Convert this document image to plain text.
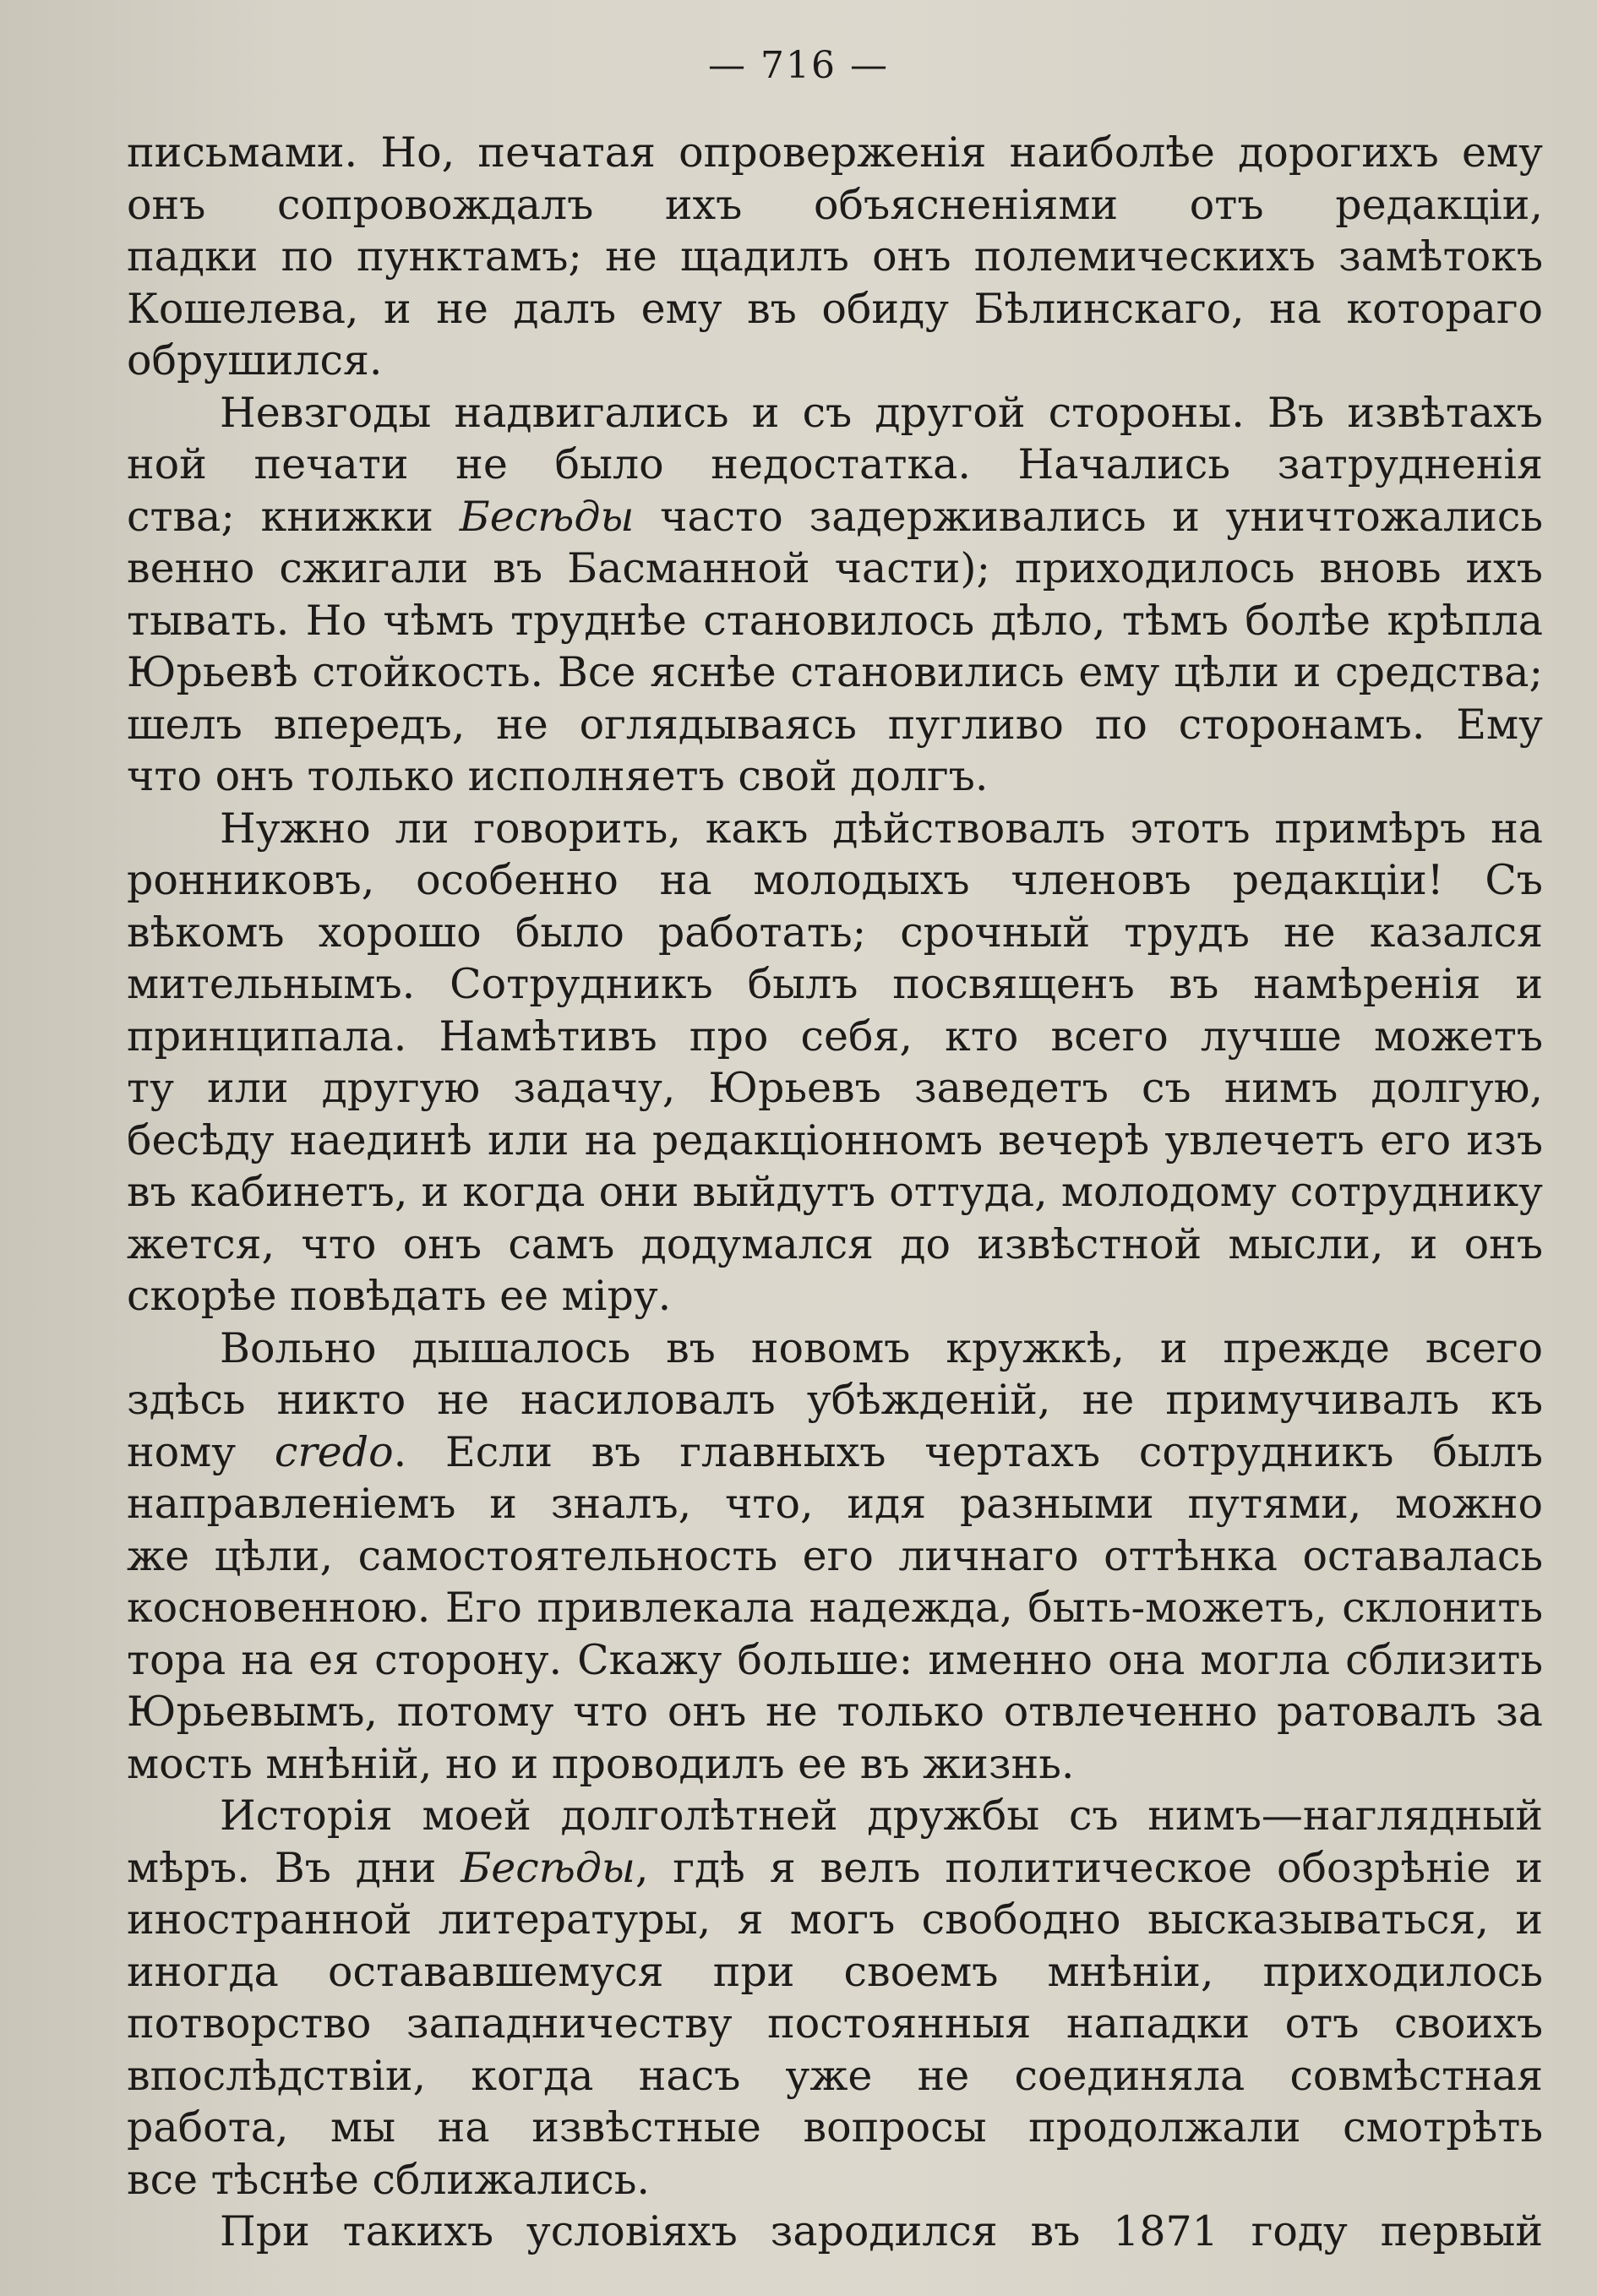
— 716 —
письмами. Но, печатая опроверженія наиболѣе дорогихъ ему
онъ сопровождалъ ихъ объясненіями отъ редакціи,
падки по пунктамъ; не щадилъ онъ полемическихъ замѣтокъ
Кошелева, и не далъ ему въ обиду Бѣлинскаго, на котораго
обрушился.
Невзгоды надвигались и съ другой стороны. Въ извѣтахъ
ной печати не было недостатка. Начались затрудненія
ства; книжки Бесѣды часто задерживались и уничтожались
венно сжигали въ Басманной части); приходилось вновь ихъ
тывать. Но чѣмъ труднѣе становилось дѣло, тѣмъ болѣе крѣпла
Юрьевѣ стойкость. Все яснѣе становились ему цѣли и средства;
шелъ впередъ, не оглядываясь пугливо по сторонамъ. Ему
что онъ только исполняетъ свой долгъ.
Нужно ли говорить, какъ дѣйствовалъ этотъ примѣръ на
ронниковъ, особенно на молодыхъ членовъ редакціи! Съ
вѣкомъ хорошо было работать; срочный трудъ не казался
мительнымъ. Сотрудникъ былъ посвященъ въ намѣренія и
принципала. Намѣтивъ про себя, кто всего лучше можетъ
ту или другую задачу, Юрьевъ заведетъ съ нимъ долгую,
бесѣду наединѣ или на редакціонномъ вечерѣ увлечетъ его изъ
въ кабинетъ, и когда они выйдутъ оттуда, молодому сотруднику
жется, что онъ самъ додумался до извѣстной мысли, и онъ
скорѣе повѣдать ее міру.
Вольно дышалось въ новомъ кружкѣ, и прежде всего
здѣсь никто не насиловалъ убѣжденій, не примучивалъ къ
ному credo. Если въ главныхъ чертахъ сотрудникъ былъ
направленіемъ и зналъ, что, идя разными путями, можно
же цѣли, самостоятельность его личнаго оттѣнка оставалась
косновенною. Его привлекала надежда, быть-можетъ, склонить
тора на ея сторону. Скажу больше: именно она могла сблизить
Юрьевымъ, потому что онъ не только отвлеченно ратовалъ за
мость мнѣній, но и проводилъ ее въ жизнь.
Исторія моей долголѣтней дружбы съ нимъ—наглядный
мѣръ. Въ дни Бесѣды, гдѣ я велъ политическое обозрѣніе и
иностранной литературы, я могъ свободно высказываться, и
иногда остававшемуся при своемъ мнѣніи, приходилось
потворство западничеству постоянныя нападки отъ своихъ
впослѣдствіи, когда насъ уже не соединяла совмѣстная
работа, мы на извѣстные вопросы продолжали смотрѣть
все тѣснѣе сближались.
При такихъ условіяхъ зародился въ 1871 году первый
